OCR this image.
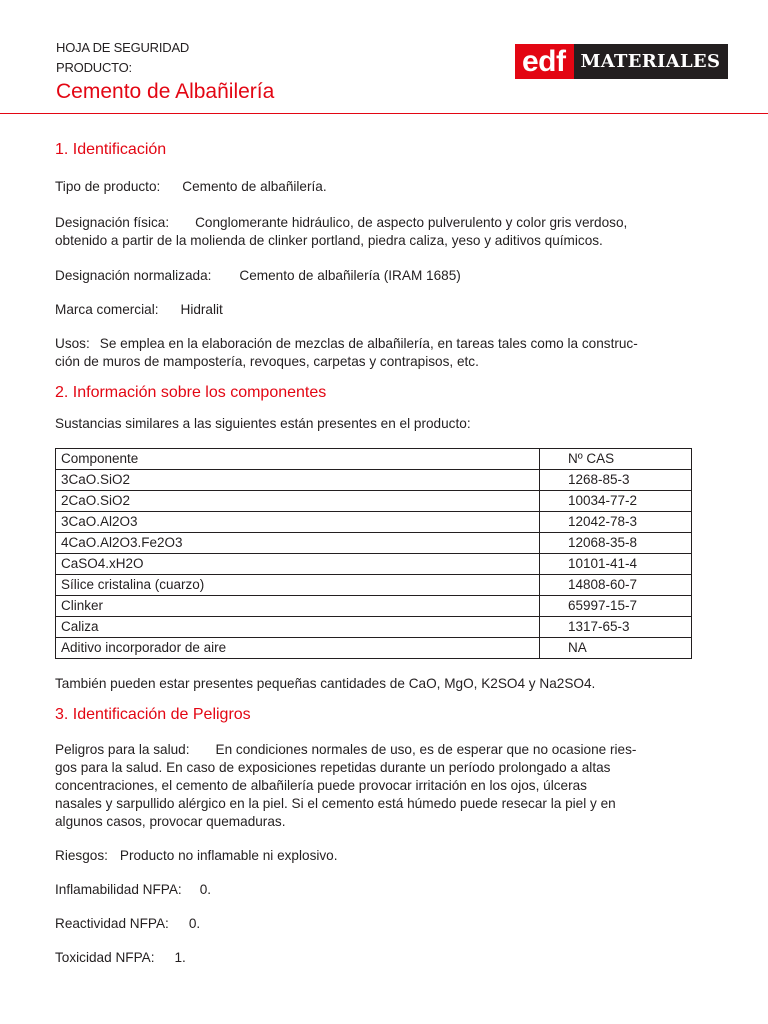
HOJA DE SEGURIDAD
PRODUCTO:
Cemento de Albañilería
edf MATERIALES
1. Identificación

Tipo de producto: Cemento de albañilería.

Designación física: Conglomerante hidráulico, de aspecto pulverulento y color gris verdoso,
obtenido a partir de la molienda de clinker portland, piedra caliza, yeso y aditivos químicos.

Designación normalizada: Cemento de albañilería (IRAM 1685)

Marca comercial: Hidralit

Usos: Se emplea en la elaboración de mezclas de albañilería, en tareas tales como la construc-
ción de muros de mampostería, revoques, carpetas y contrapisos, etc.

2. Información sobre los componentes

Sustancias similares a las siguientes están presentes en el producto:

Componente	Nº CAS
3CaO.SiO2	1268-85-3
2CaO.SiO2	10034-77-2
3CaO.Al2O3	12042-78-3
4CaO.Al2O3.Fe2O3	12068-35-8
CaSO4.xH2O	10101-41-4
Sílice cristalina (cuarzo)	14808-60-7
Clinker	65997-15-7
Caliza	1317-65-3
Aditivo incorporador de aire	NA

También pueden estar presentes pequeñas cantidades de CaO, MgO, K2SO4 y Na2SO4.

3. Identificación de Peligros

Peligros para la salud: En condiciones normales de uso, es de esperar que no ocasione ries-
gos para la salud. En caso de exposiciones repetidas durante un período prolongado a altas
concentraciones, el cemento de albañilería puede provocar irritación en los ojos, úlceras
nasales y sarpullido alérgico en la piel. Si el cemento está húmedo puede resecar la piel y en
algunos casos, provocar quemaduras.

Riesgos: Producto no inflamable ni explosivo.

Inflamabilidad NFPA: 0.

Reactividad NFPA: 0.

Toxicidad NFPA: 1.
